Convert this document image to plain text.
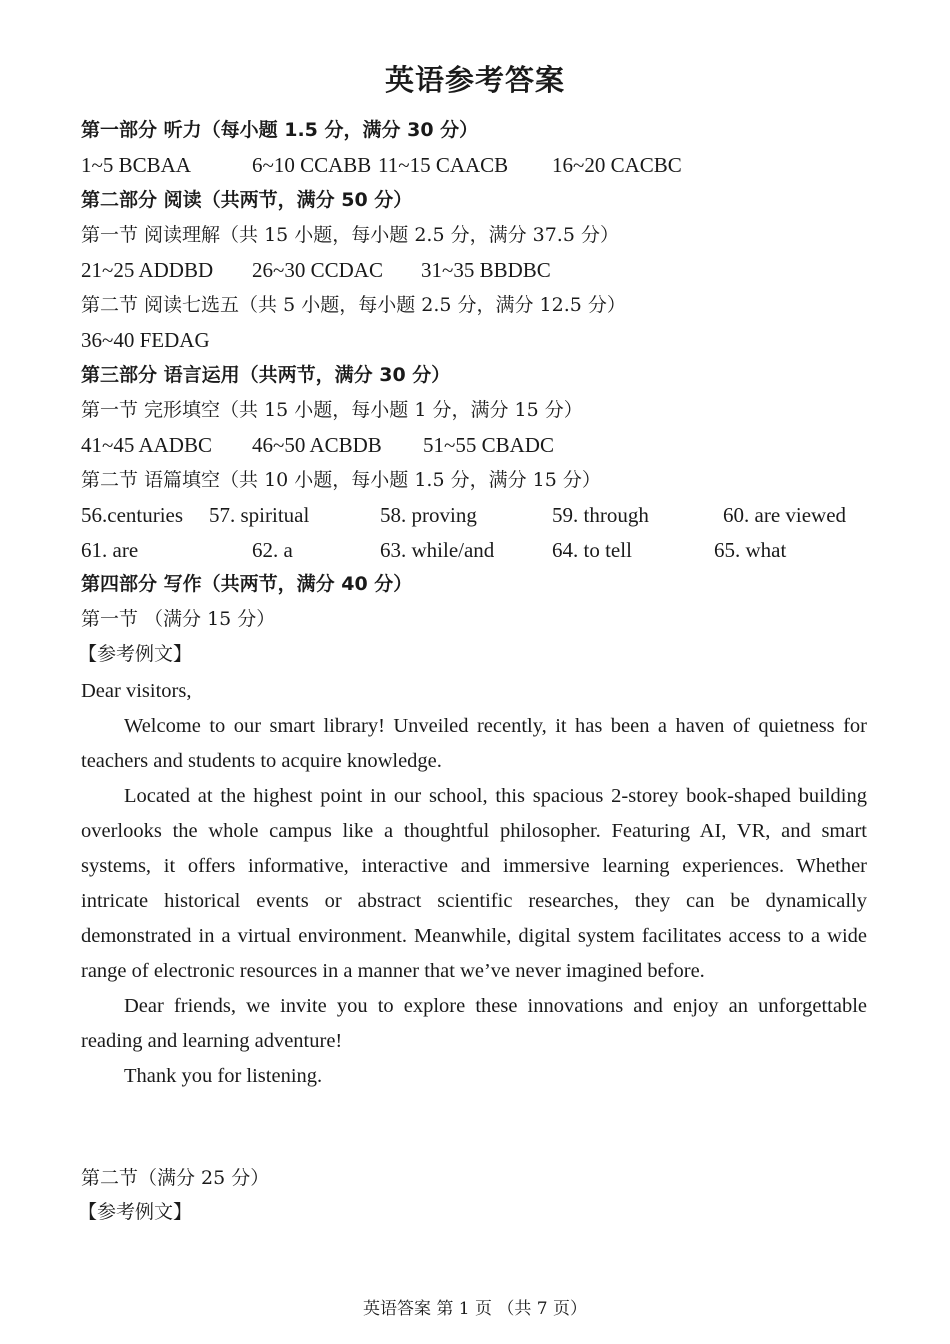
英语参考答案
第一部分 听力（每小题 1.5 分，满分 30 分）
1~5 BCBAA	6~10 CCABB 11~15 CAACB 16~20 CACBC
第二部分 阅读（共两节，满分 50 分）
第一节 阅读理解（共 15 小题，每小题 2.5 分，满分 37.5 分）
21~25 ADDBD 26~30 CCDAC 31~35 BBDBC
第二节 阅读七选五（共 5 小题，每小题 2.5 分，满分 12.5 分）
36~40 FEDAG
第三部分 语言运用（共两节，满分 30 分）
第一节 完形填空（共 15 小题，每小题 1 分，满分 15 分）
41~45 AADBC 46~50 ACBDB 51~55 CBADC
第二节 语篇填空（共 10 小题，每小题 1.5 分，满分 15 分）
56.centuries 57. spiritual	58. proving	59. through	60. are viewed
61. are	62. a	63. while/and	64. to tell	65. what
第四部分 写作（共两节，满分 40 分）
第一节 （满分 15 分）
【参考例文】

Dear visitors,

Welcome to our smart library! Unveiled recently, it has been a haven of quietness for teachers and students to acquire knowledge.

Located at the highest point in our school, this spacious 2-storey book-shaped building overlooks the whole campus like a thoughtful philosopher. Featuring AI, VR, and smart systems, it offers informative, interactive and immersive learning experiences. Whether intricate historical events or abstract scientific researches, they can be dynamically demonstrated in a virtual environment. Meanwhile, digital system facilitates access to a wide range of electronic resources in a manner that we’ve never imagined before.

Dear friends, we invite you to explore these innovations and enjoy an unforgettable reading and learning adventure!

Thank you for listening.

第二节（满分 25 分）
【参考例文】
英语答案 第 1 页 （共 7 页）
